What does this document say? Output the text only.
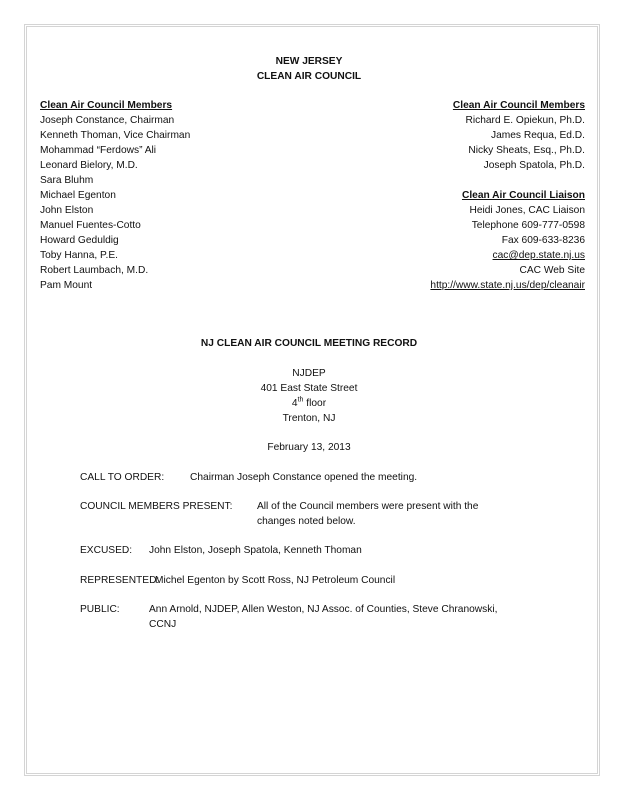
NEW JERSEY
CLEAN AIR COUNCIL
Clean Air Council Members
Joseph Constance, Chairman
Kenneth Thoman, Vice Chairman
Mohammad “Ferdows” Ali
Leonard Bielory, M.D.
Sara Bluhm
Michael Egenton
John Elston
Manuel Fuentes-Cotto
Howard Geduldig
Toby Hanna, P.E.
Robert Laumbach, M.D.
Pam Mount
Clean Air Council Members
Richard E. Opiekun, Ph.D.
James Requa, Ed.D.
Nicky Sheats, Esq., Ph.D.
Joseph Spatola, Ph.D.
Clean Air Council Liaison
Heidi Jones, CAC Liaison
Telephone 609-777-0598
Fax 609-633-8236
cac@dep.state.nj.us
CAC Web Site
http://www.state.nj.us/dep/cleanair
NJ CLEAN AIR COUNCIL MEETING RECORD
NJDEP
401 East State Street
4th floor
Trenton, NJ
February 13, 2013
CALL TO ORDER:	Chairman Joseph Constance opened the meeting.
COUNCIL MEMBERS PRESENT: All of the Council members were present with the
changes noted below.
EXCUSED: John Elston, Joseph Spatola, Kenneth Thoman
REPRESENTED:
Michel Egenton by Scott Ross, NJ Petroleum Council
PUBLIC:	Ann Arnold, NJDEP, Allen Weston, NJ Assoc. of Counties, Steve Chranowski,
CCNJ
